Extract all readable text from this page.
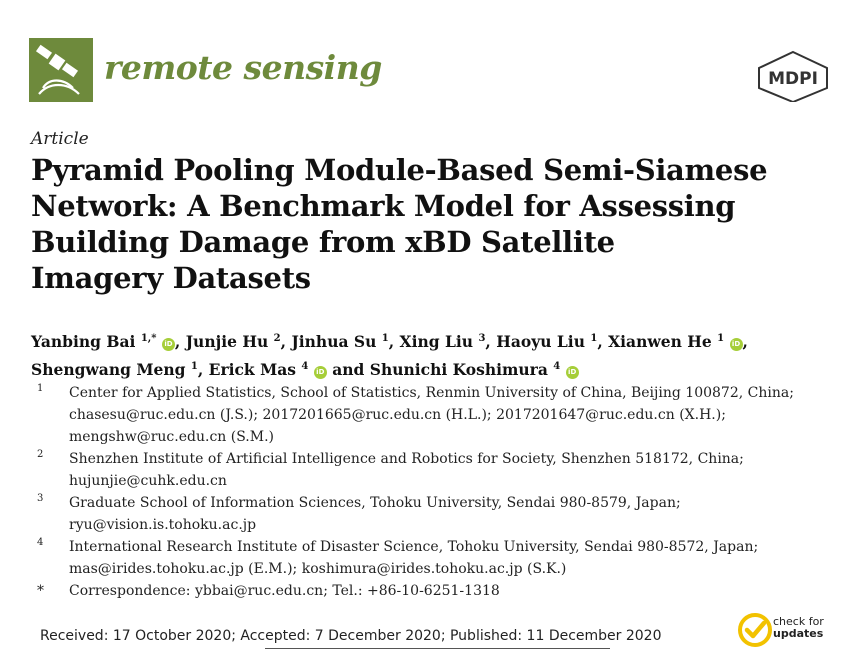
remote sensing	MDPI
Article
Pyramid Pooling Module-Based Semi-Siamese
Network: A Benchmark Model for Assessing
Building Damage from xBD Satellite
Imagery Datasets
Yanbing Bai $^{1,*}$ iD , Junjie Hu $^2$, Jinhua Su $^1$, Xing Liu $^3$, Haoyu Liu $^1$, Xianwen He $^1$ iD ,
Shengwang Meng $^1$, Erick Mas $^4$ iD and Shunichi Koshimura $^4$ iD
1 Center for Applied Statistics, School of Statistics, Renmin University of China, Beijing 100872, China;
chasesu@ruc.edu.cn (J.S.); 2017201665@ruc.edu.cn (H.L.); 2017201647@ruc.edu.cn (X.H.);
mengshw@ruc.edu.cn (S.M.)
2 Shenzhen Institute of Artificial Intelligence and Robotics for Society, Shenzhen 518172, China;
hujunjie@cuhk.edu.cn
3 Graduate School of Information Sciences, Tohoku University, Sendai 980-8579, Japan;
ryu@vision.is.tohoku.ac.jp
4 International Research Institute of Disaster Science, Tohoku University, Sendai 980-8572, Japan;
mas@irides.tohoku.ac.jp (E.M.); koshimura@irides.tohoku.ac.jp (S.K.)
* Correspondence: ybbai@ruc.edu.cn; Tel.: +86-10-6251-1318
Received: 17 October 2020; Accepted: 7 December 2020; Published: 11 December 2020
check for
updates
